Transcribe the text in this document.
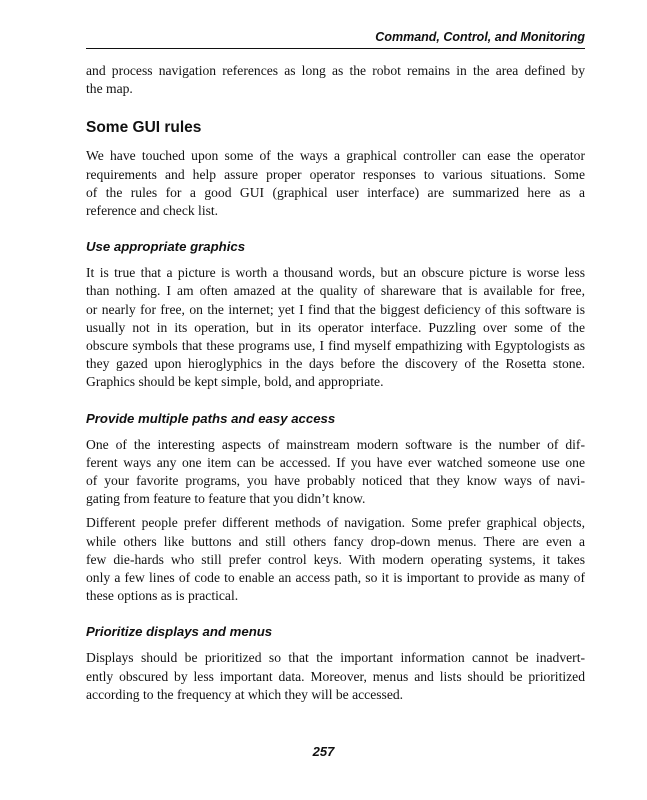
Command, Control, and Monitoring

and process navigation references as long as the robot remains in the area defined by
the map.

Some GUI rules

We have touched upon some of the ways a graphical controller can ease the operator
requirements and help assure proper operator responses to various situations. Some
of the rules for a good GUI (graphical user interface) are summarized here as a
reference and check list.

Use appropriate graphics

It is true that a picture is worth a thousand words, but an obscure picture is worse less
than nothing. I am often amazed at the quality of shareware that is available for free,
or nearly for free, on the internet; yet I find that the biggest deficiency of this software is
usually not in its operation, but in its operator interface. Puzzling over some of the
obscure symbols that these programs use, I find myself empathizing with Egyptologists as
they gazed upon hieroglyphics in the days before the discovery of the Rosetta stone.
Graphics should be kept simple, bold, and appropriate.

Provide multiple paths and easy access

One of the interesting aspects of mainstream modern software is the number of dif-
ferent ways any one item can be accessed. If you have ever watched someone use one
of your favorite programs, you have probably noticed that they know ways of navi-
gating from feature to feature that you didn’t know.

Different people prefer different methods of navigation. Some prefer graphical objects,
while others like buttons and still others fancy drop-down menus. There are even a
few die-hards who still prefer control keys. With modern operating systems, it takes
only a few lines of code to enable an access path, so it is important to provide as many of
these options as is practical.

Prioritize displays and menus

Displays should be prioritized so that the important information cannot be inadvert-
ently obscured by less important data. Moreover, menus and lists should be prioritized
according to the frequency at which they will be accessed.

257
